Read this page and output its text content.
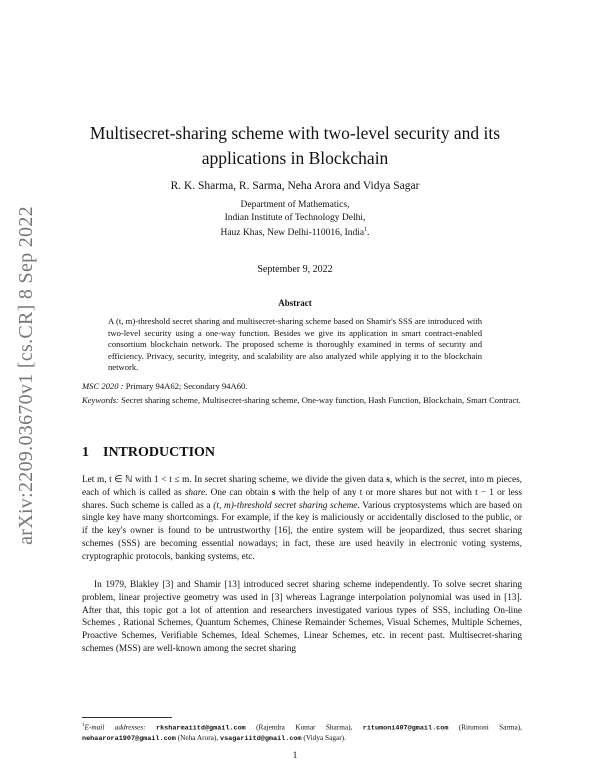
arXiv:2209.03670v1 [cs.CR] 8 Sep 2022
Multisecret-sharing scheme with two-level security and its
applications in Blockchain
R. K. Sharma, R. Sarma, Neha Arora and Vidya Sagar
Department of Mathematics,
Indian Institute of Technology Delhi,
Hauz Khas, New Delhi-110016, India$^1$.
September 9, 2022
Abstract
A (t, m)-threshold secret sharing and multisecret-sharing scheme based on Shamir's SSS are introduced with two-level security using a one-way function. Besides we give its application in smart contract-enabled consortium blockchain network. The proposed scheme is thoroughly examined in terms of security and efficiency. Privacy, security, integrity, and scalability are also analyzed while applying it to the blockchain network.
MSC 2020 : Primary 94A62; Secondary 94A60.
Keywords: Secret sharing scheme, Multisecret-sharing scheme, One-way function, Hash Function, Blockchain, Smart Contract.
1 INTRODUCTION

Let m, t ∈ ℕ with 1 < t ≤ m. In secret sharing scheme, we divide the given data s, which is the secret, into m pieces, each of which is called as share. One can obtain s with the help of any t or more shares but not with t − 1 or less shares. Such scheme is called as a (t, m)-threshold secret sharing scheme. Various cryptosystems which are based on single key have many shortcomings. For example, if the key is maliciously or accidentally disclosed to the public, or if the key's owner is found to be untrustworthy [16], the entire system will be jeopardized, thus secret sharing schemes (SSS) are becoming essential nowadays; in fact, these are used heavily in electronic voting systems, cryptographic protocols, banking systems, etc.

In 1979, Blakley [3] and Shamir [13] introduced secret sharing scheme independently. To solve secret sharing problem, linear projective geometry was used in [3] whereas Lagrange interpolation polynomial was used in [13]. After that, this topic got a lot of attention and researchers investigated various types of SSS, including On-line Schemes , Rational Schemes, Quantum Schemes, Chinese Remainder Schemes, Visual Schemes, Multiple Schemes, Proactive Schemes, Verifiable Schemes, Ideal Schemes, Linear Schemes, etc. in recent past. Multisecret-sharing schemes (MSS) are well-known among the secret sharing

$^1$E-mail addresses: rksharmaiitd@gmail.com (Rajendra Kumar Sharma), ritumoni407@gmail.com (Ritumoni Sarma), nehaarora1907@gmail.com (Neha Arora), vsagariitd@gmail.com (Vidya Sagar).
1
